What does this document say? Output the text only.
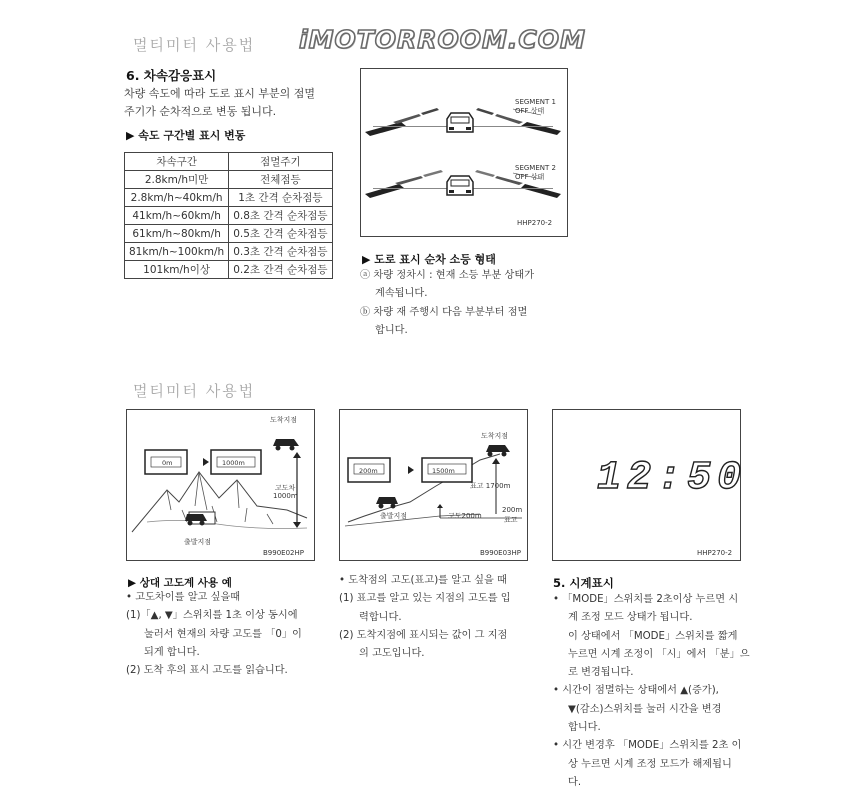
멀티미터 사용법 iMOTORROOM.COM
6. 차속감응표시
차량 속도에 따라 도로 표시 부분의 점멸
주기가 순차적으로 변동 됩니다.
▶ 속도 구간별 표시 변동
차속구간	점멸주기
2.8km/h미만	전체점등
2.8km/h~40km/h	1초 간격 순차점등
41km/h~60km/h	0.8초 간격 순차점등
61km/h~80km/h	0.5초 간격 순차점등
81km/h~100km/h	0.3초 간격 순차점등
101km/h이상	0.2초 간격 순차점등
SEGMENT 1
OFF 상태
SEGMENT 2
OFF 상태
HHP270-2
▶ 도로 표시 순차 소등 형태

ⓐ 차량 정차시 : 현재 소등 부분 상태가

계속됩니다.

ⓑ 차량 재 주행시 다음 부분부터 점멸

합니다.

멀티미터 사용법
도착지점
0m	1000m
고도차
1000m
출발지점
B990E02HP
도착지점
200m	1500m
표고 1700m
고도200m
200m
표고
출발지점
B990E03HP
12:50
HHP270-2
▶ 상대 고도계 사용 예

• 고도차이를 알고 싶을때

(1)「▲, ▼」스위치를 1초 이상 동시에

눌러서 현재의 차량 고도를 「0」이

되게 합니다.

(2) 도착 후의 표시 고도를 읽습니다.

• 도착점의 고도(표고)를 알고 싶을 때

(1) 표고를 알고 있는 지점의 고도를 입

력합니다.

(2) 도착지점에 표시되는 값이 그 지점

의 고도입니다.

5. 시계표시

• 「MODE」스위치를 2초이상 누르면 시

계 조정 모드 상태가 됩니다.

이 상태에서 「MODE」스위치를 짧게

누르면 시계 조정이 「시」에서 「분」으

로 변경됩니다.

• 시간이 점멸하는 상태에서 ▲(증가),

▼(감소)스위치를 눌러 시간을 변경

합니다.

• 시간 변경후 「MODE」스위치를 2초 이

상 누르면 시계 조정 모드가 해제됩니

다.
